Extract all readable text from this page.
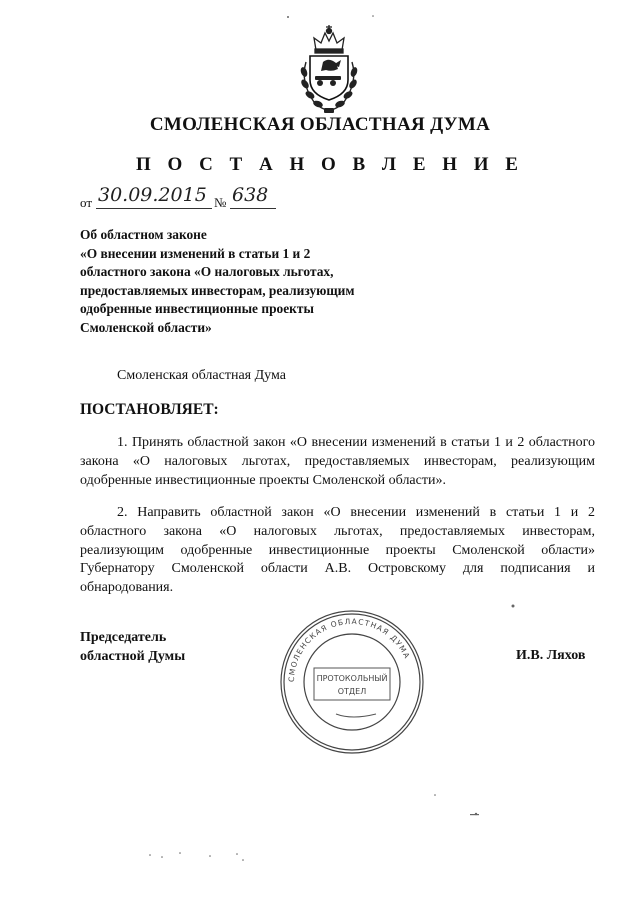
СМОЛЕНСКАЯ ОБЛАСТНАЯ ДУМА
П О С Т А Н О В Л Е Н И Е
от 30.09.2015 № 638
Об областном законе
«О внесении изменений в статьи 1 и 2
областного закона «О налоговых льготах,
предоставляемых инвесторам, реализующим
одобренные инвестиционные проекты
Смоленской области»
Смоленская областная Дума
ПОСТАНОВЛЯЕТ:
1. Принять областной закон «О внесении изменений в статьи 1 и 2 областного закона «О налоговых льготах, предоставляемых инвесторам, реализующим одобренные инвестиционные проекты Смоленской области».
2. Направить областной закон «О внесении изменений в статьи 1 и 2 областного закона «О налоговых льготах, предоставляемых инвесторам, реализующим одобренные инвестиционные проекты Смоленской области» Губернатору Смоленской области А.В. Островскому для подписания и обнародования.
Председатель
областной Думы	И.В. Ляхов
СМОЛЕНСКАЯ ОБЛАСТНАЯ ДУМА
ПРОТОКОЛЬНЫЙ
ОТДЕЛ
